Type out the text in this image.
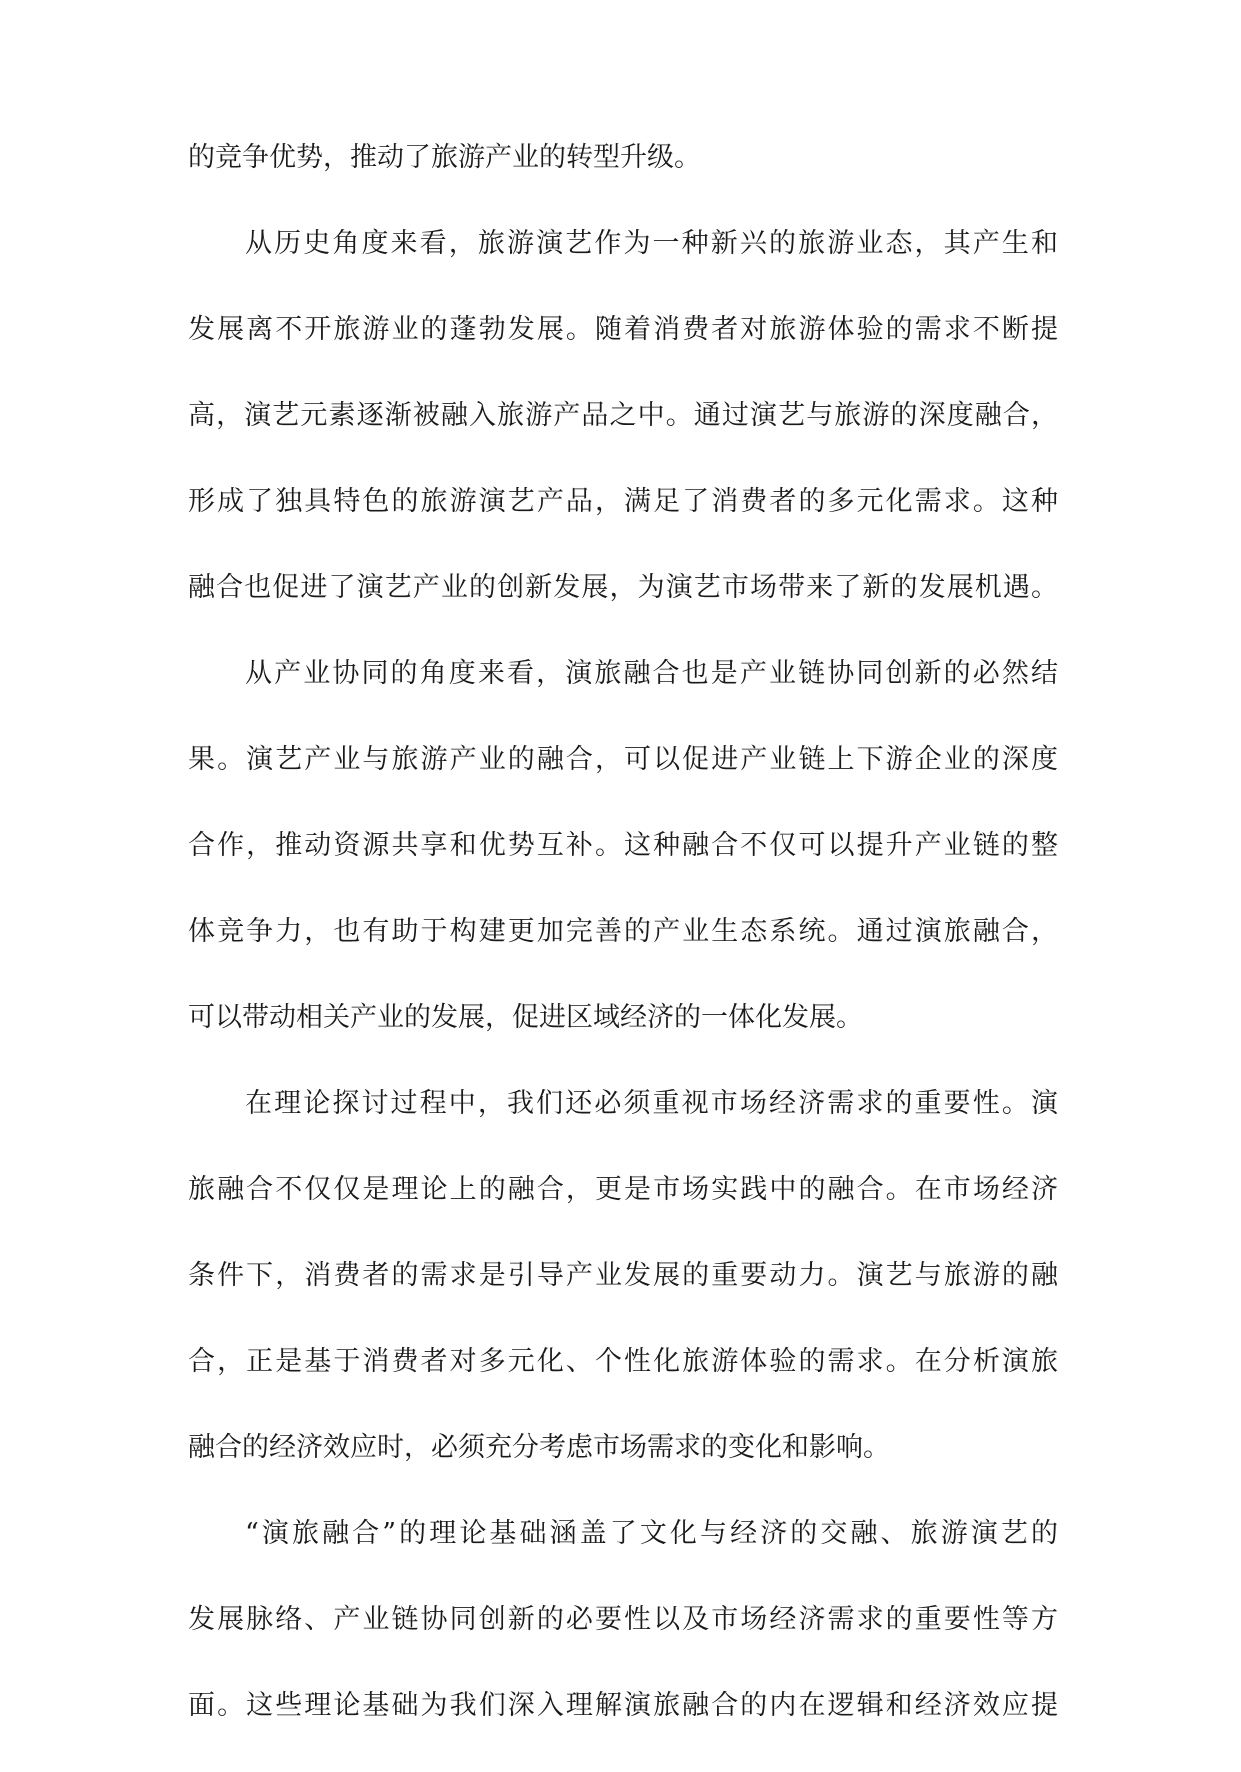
的竞争优势，推动了旅游产业的转型升级。
从历史角度来看，旅游演艺作为一种新兴的旅游业态，其产生和
发展离不开旅游业的蓬勃发展。随着消费者对旅游体验的需求不断提
高，演艺元素逐渐被融入旅游产品之中。通过演艺与旅游的深度融合，
形成了独具特色的旅游演艺产品，满足了消费者的多元化需求。这种
融合也促进了演艺产业的创新发展，为演艺市场带来了新的发展机遇。
从产业协同的角度来看，演旅融合也是产业链协同创新的必然结
果。演艺产业与旅游产业的融合，可以促进产业链上下游企业的深度
合作，推动资源共享和优势互补。这种融合不仅可以提升产业链的整
体竞争力，也有助于构建更加完善的产业生态系统。通过演旅融合，
可以带动相关产业的发展，促进区域经济的一体化发展。
在理论探讨过程中，我们还必须重视市场经济需求的重要性。演
旅融合不仅仅是理论上的融合，更是市场实践中的融合。在市场经济
条件下，消费者的需求是引导产业发展的重要动力。演艺与旅游的融
合，正是基于消费者对多元化、个性化旅游体验的需求。在分析演旅
融合的经济效应时，必须充分考虑市场需求的变化和影响。
“演旅融合”的理论基础涵盖了文化与经济的交融、旅游演艺的
发展脉络、产业链协同创新的必要性以及市场经济需求的重要性等方
面。这些理论基础为我们深入理解演旅融合的内在逻辑和经济效应提
